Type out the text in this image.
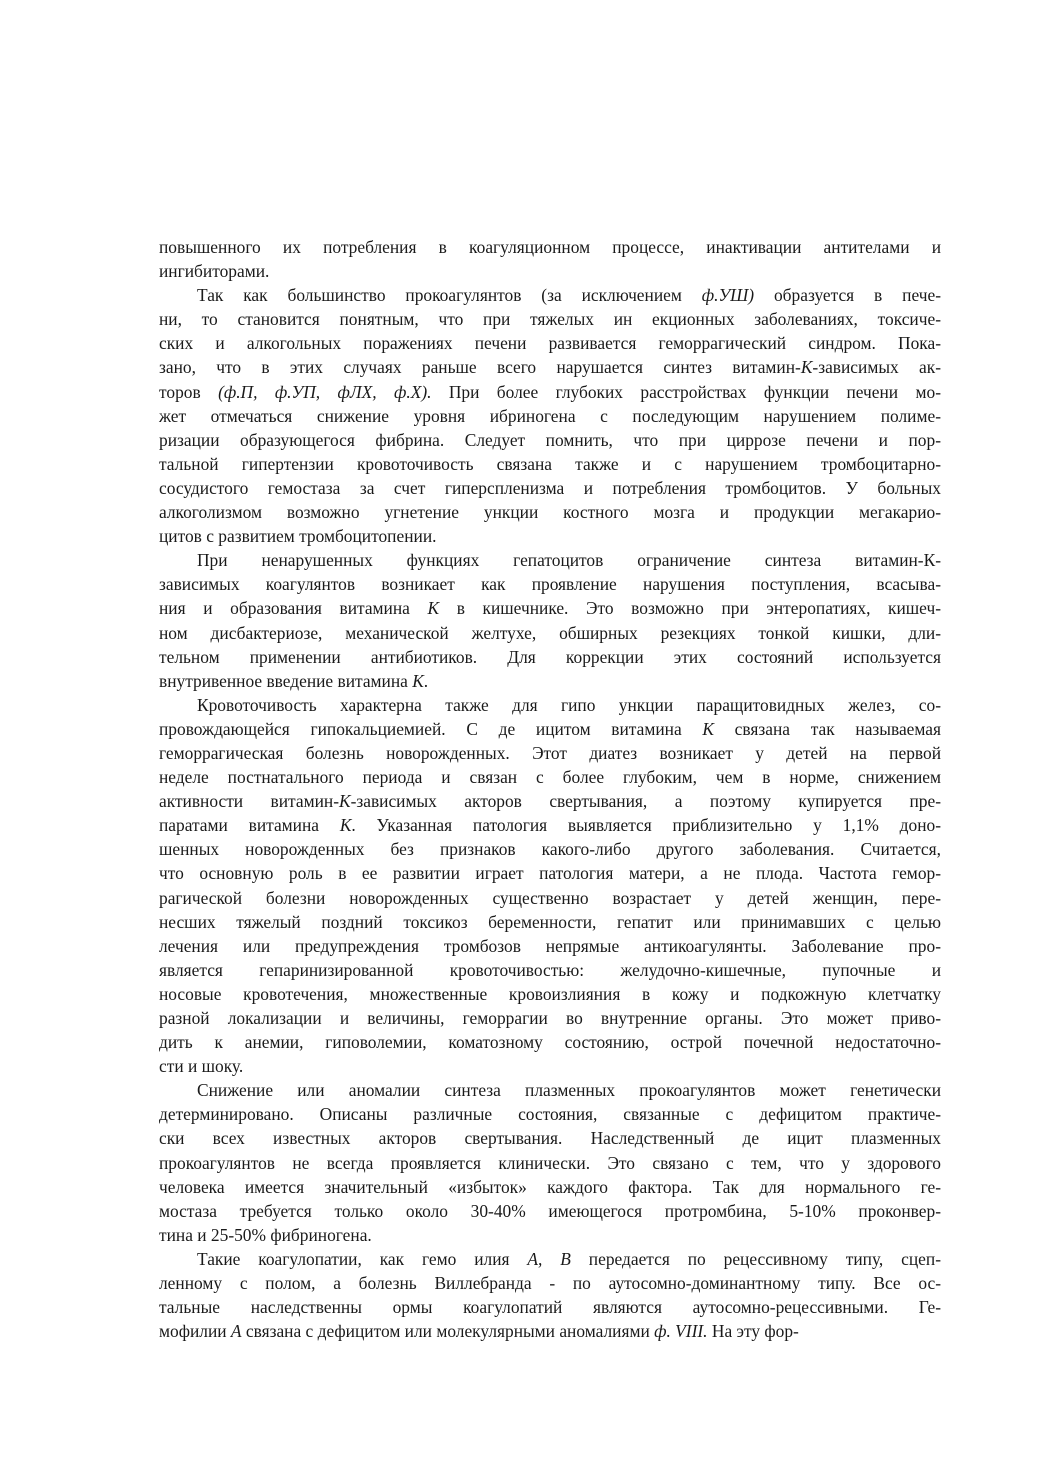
повышенного их потребления в коагуляционном процессе, инактивации антителами и
ингибиторами.
Так как большинство прокоагулянтов (за исключением ф.УШ) образуется в пече-
ни, то становится понятным, что при тяжелых ин екционных заболеваниях, токсиче-
ских и алкогольных поражениях печени развивается геморрагический синдром. Пока-
зано, что в этих случаях раньше всего нарушается синтез витамин-К-зависимых ак-
торов (ф.П, ф.УП, фЛХ, ф.Х). При более глубоких расстройствах функции печени мо-
жет отмечаться снижение уровня ибриногена с последующим нарушением полиме-
ризации образующегося фибрина. Следует помнить, что при циррозе печени и пор-
тальной гипертензии кровоточивость связана также и с нарушением тромбоцитарно-
сосудистого гемостаза за счет гиперспленизма и потребления тромбоцитов. У больных
алкоголизмом возможно угнетение ункции костного мозга и продукции мегакарио-
цитов с развитием тромбоцитопении.
При ненарушенных функциях гепатоцитов ограничение синтеза витамин-К-
зависимых коагулянтов возникает как проявление нарушения поступления, всасыва-
ния и образования витамина К в кишечнике. Это возможно при энтеропатиях, кишеч-
ном дисбактериозе, механической желтухе, обширных резекциях тонкой кишки, дли-
тельном применении антибиотиков. Для коррекции этих состояний используется
внутривенное введение витамина К.
Кровоточивость характерна также для гипо ункции паращитовидных желез, со-
провождающейся гипокальциемией. С де ицитом витамина К связана так называемая
геморрагическая болезнь новорожденных. Этот диатез возникает у детей на первой
неделе постнатального периода и связан с более глубоким, чем в норме, снижением
активности витамин-К-зависимых акторов свертывания, а поэтому купируется пре-
паратами витамина К. Указанная патология выявляется приблизительно у 1,1% доно-
шенных новорожденных без признаков какого-либо другого заболевания. Считается,
что основную роль в ее развитии играет патология матери, а не плода. Частота гемор-
рагической болезни новорожденных существенно возрастает у детей женщин, пере-
несших тяжелый поздний токсикоз беременности, гепатит или принимавших с целью
лечения или предупреждения тромбозов непрямые антикоагулянты. Заболевание про-
является гепаринизированной кровоточивостью: желудочно-кишечные, пупочные и
носовые кровотечения, множественные кровоизлияния в кожу и подкожную клетчатку
разной локализации и величины, геморрагии во внутренние органы. Это может приво-
дить к анемии, гиповолемии, коматозному состоянию, острой почечной недостаточно-
сти и шоку.
Снижение или аномалии синтеза плазменных прокоагулянтов может генетически
детерминировано. Описаны различные состояния, связанные с дефицитом практиче-
ски всех известных акторов свертывания. Наследственный де ицит плазменных
прокоагулянтов не всегда проявляется клинически. Это связано с тем, что у здорового
человека имеется значительный «избыток» каждого фактора. Так для нормального ге-
мостаза требуется только около 30-40% имеющегося протромбина, 5-10% проконвер-
тина и 25-50% фибриногена.
Такие коагулопатии, как гемо илия А, В передается по рецессивному типу, сцеп-
ленному с полом, а болезнь Виллебранда - по аутосомно-доминантному типу. Все ос-
тальные наследственны ормы коагулопатий являются аутосомно-рецессивными. Ге-
мофилии А связана с дефицитом или молекулярными аномалиями ф. VIII. На эту фор-
